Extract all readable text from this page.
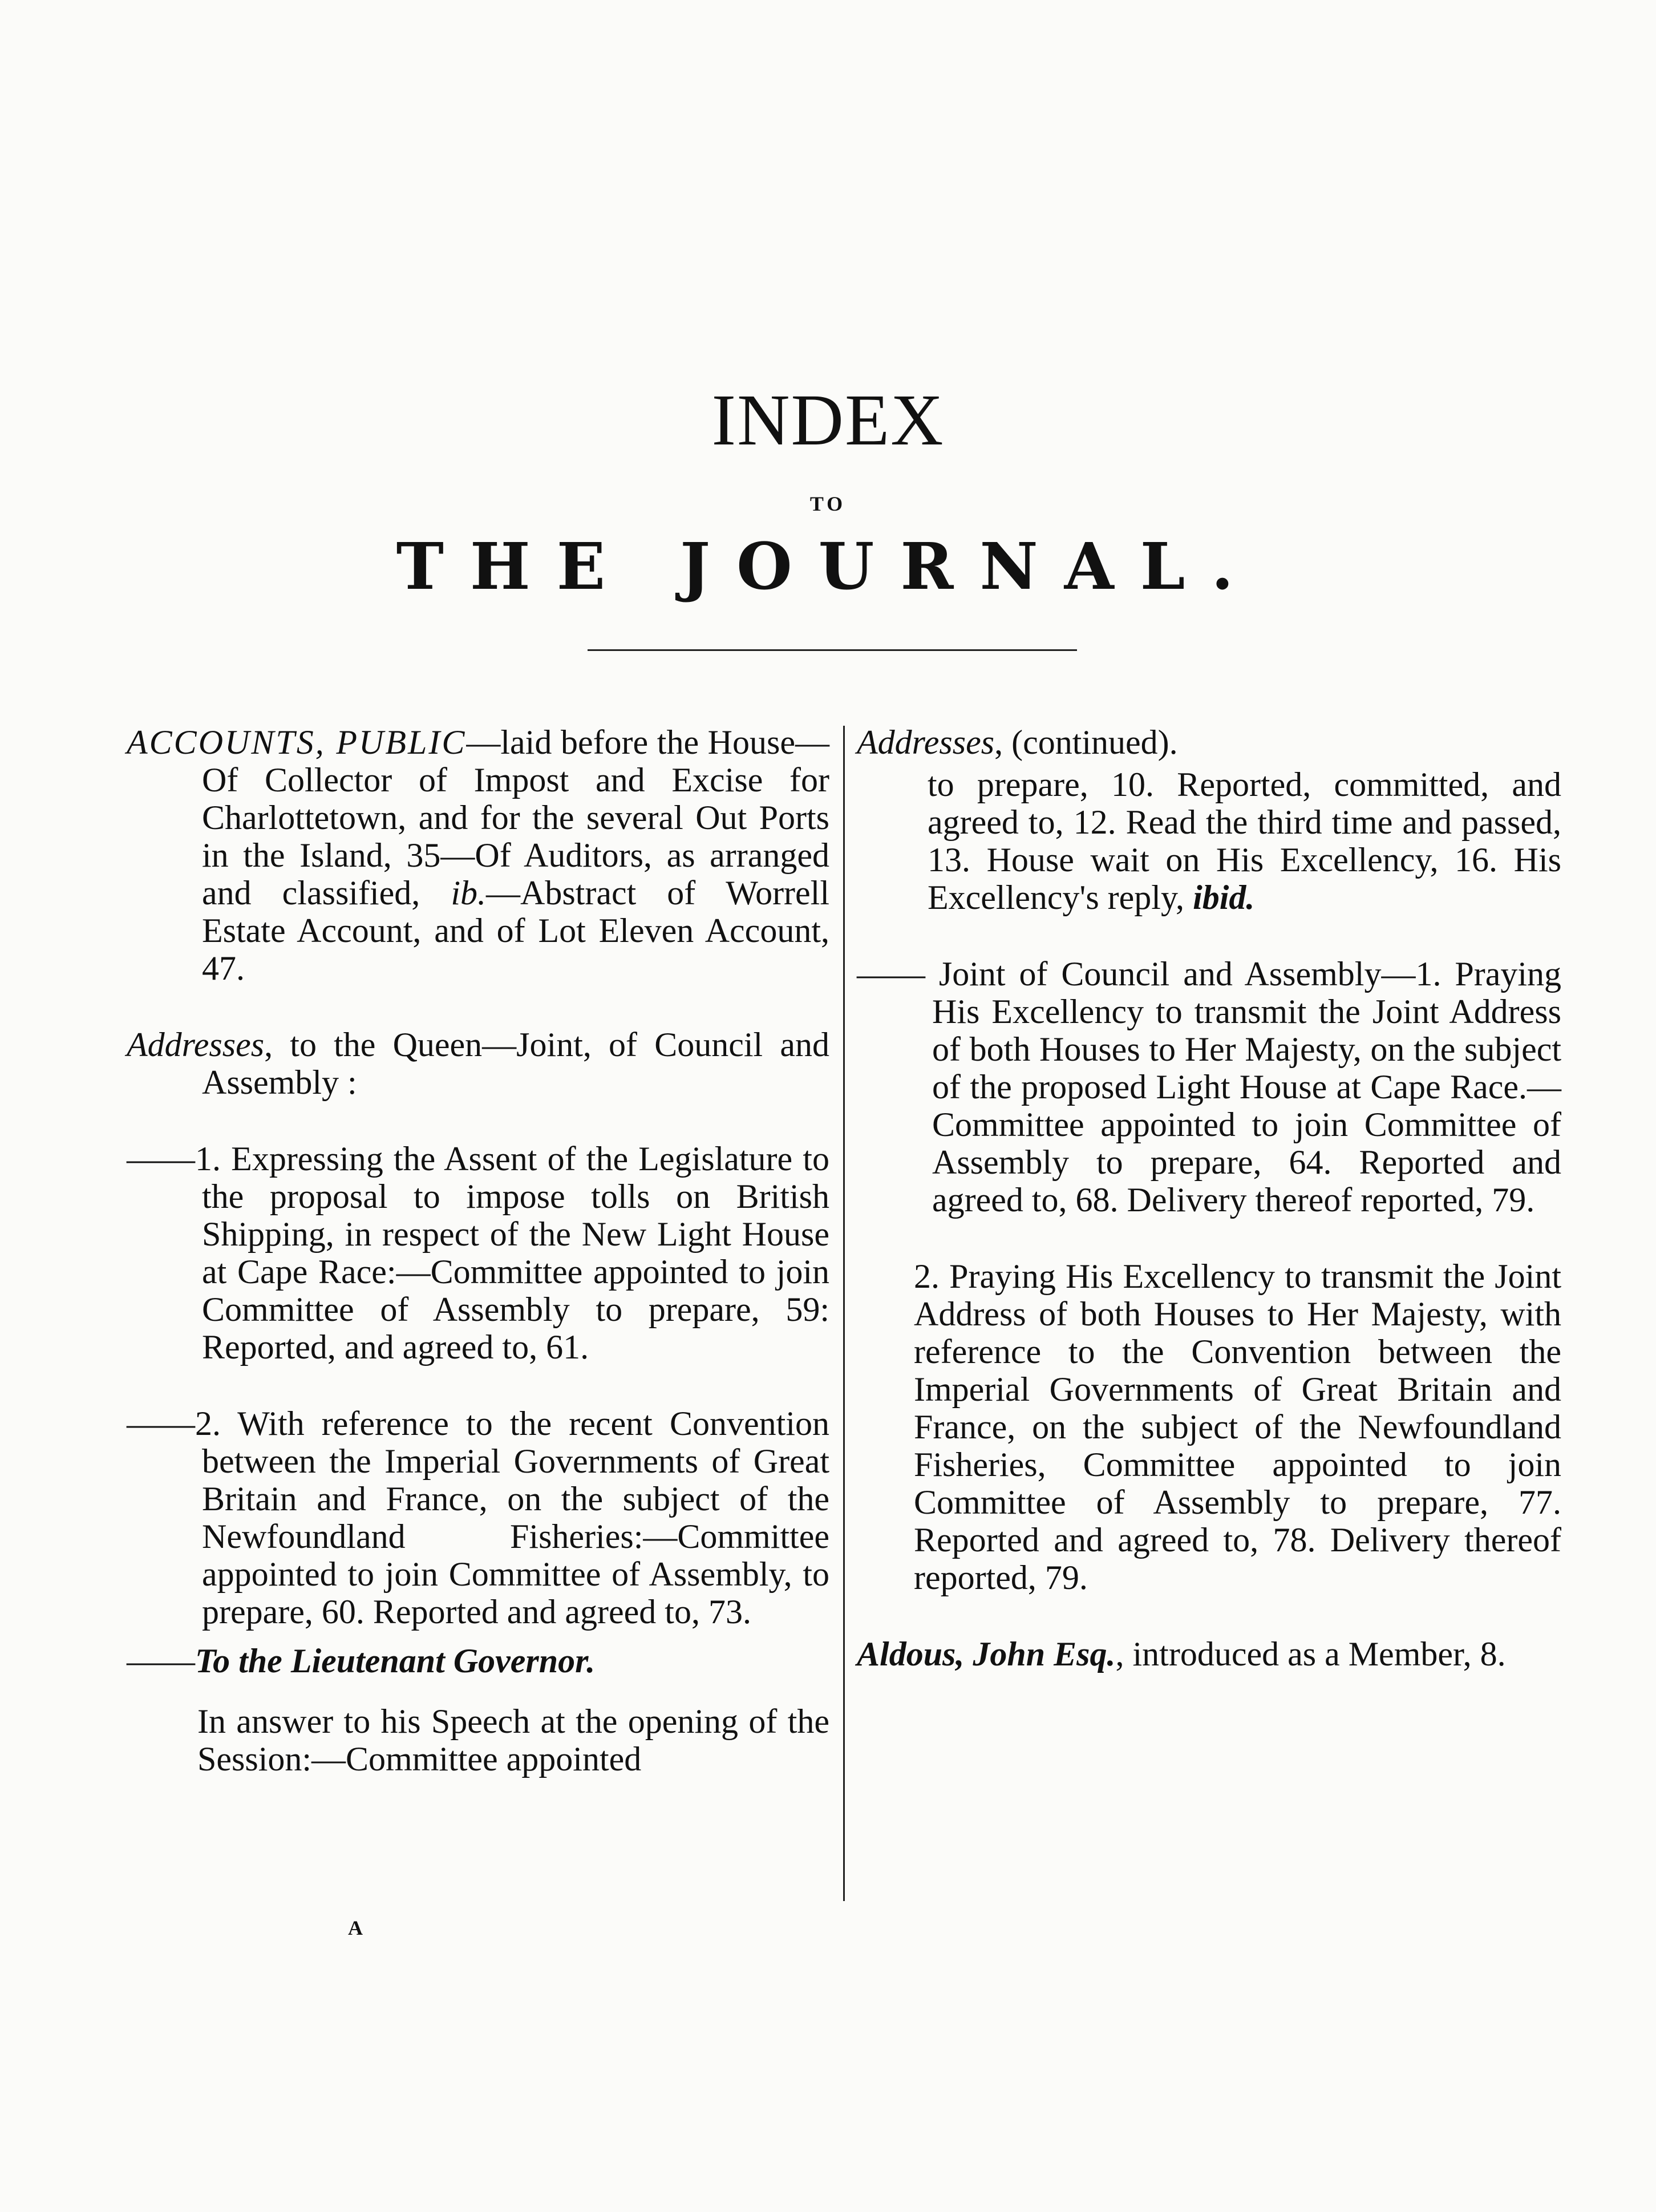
INDEX
TO
THE JOURNAL.

ACCOUNTS, PUBLIC—laid before the House—Of Collector of Impost and Excise for Charlottetown, and for the several Out Ports in the Island, 35—Of Auditors, as arranged and classified, ib.—Abstract of Worrell Estate Account, and of Lot Eleven Account, 47.

Addresses, to the Queen—Joint, of Council and Assembly :

——1. Expressing the Assent of the Legislature to the proposal to impose tolls on British Shipping, in respect of the New Light House at Cape Race:—Committee appointed to join Committee of Assembly to prepare, 59: Reported, and agreed to, 61.

——2. With reference to the recent Convention between the Imperial Governments of Great Britain and France, on the subject of the Newfoundland Fisheries:—Committee appointed to join Committee of Assembly, to prepare, 60. Reported and agreed to, 73.

——To the Lieutenant Governor.

In answer to his Speech at the opening of the Session:—Committee appointed

Addresses, (continued).

to prepare, 10. Reported, committed, and agreed to, 12. Read the third time and passed, 13. House wait on His Excellency, 16. His Excellency's reply, ibid.

—— Joint of Council and Assembly—1. Praying His Excellency to transmit the Joint Address of both Houses to Her Majesty, on the subject of the proposed Light House at Cape Race.—Committee appointed to join Committee of Assembly to prepare, 64. Reported and agreed to, 68. Delivery thereof reported, 79.

2. Praying His Excellency to transmit the Joint Address of both Houses to Her Majesty, with reference to the Convention between the Imperial Governments of Great Britain and France, on the subject of the Newfoundland Fisheries, Committee appointed to join Committee of Assembly to prepare, 77. Reported and agreed to, 78. Delivery thereof reported, 79.

Aldous, John Esq., introduced as a Member, 8.

A
